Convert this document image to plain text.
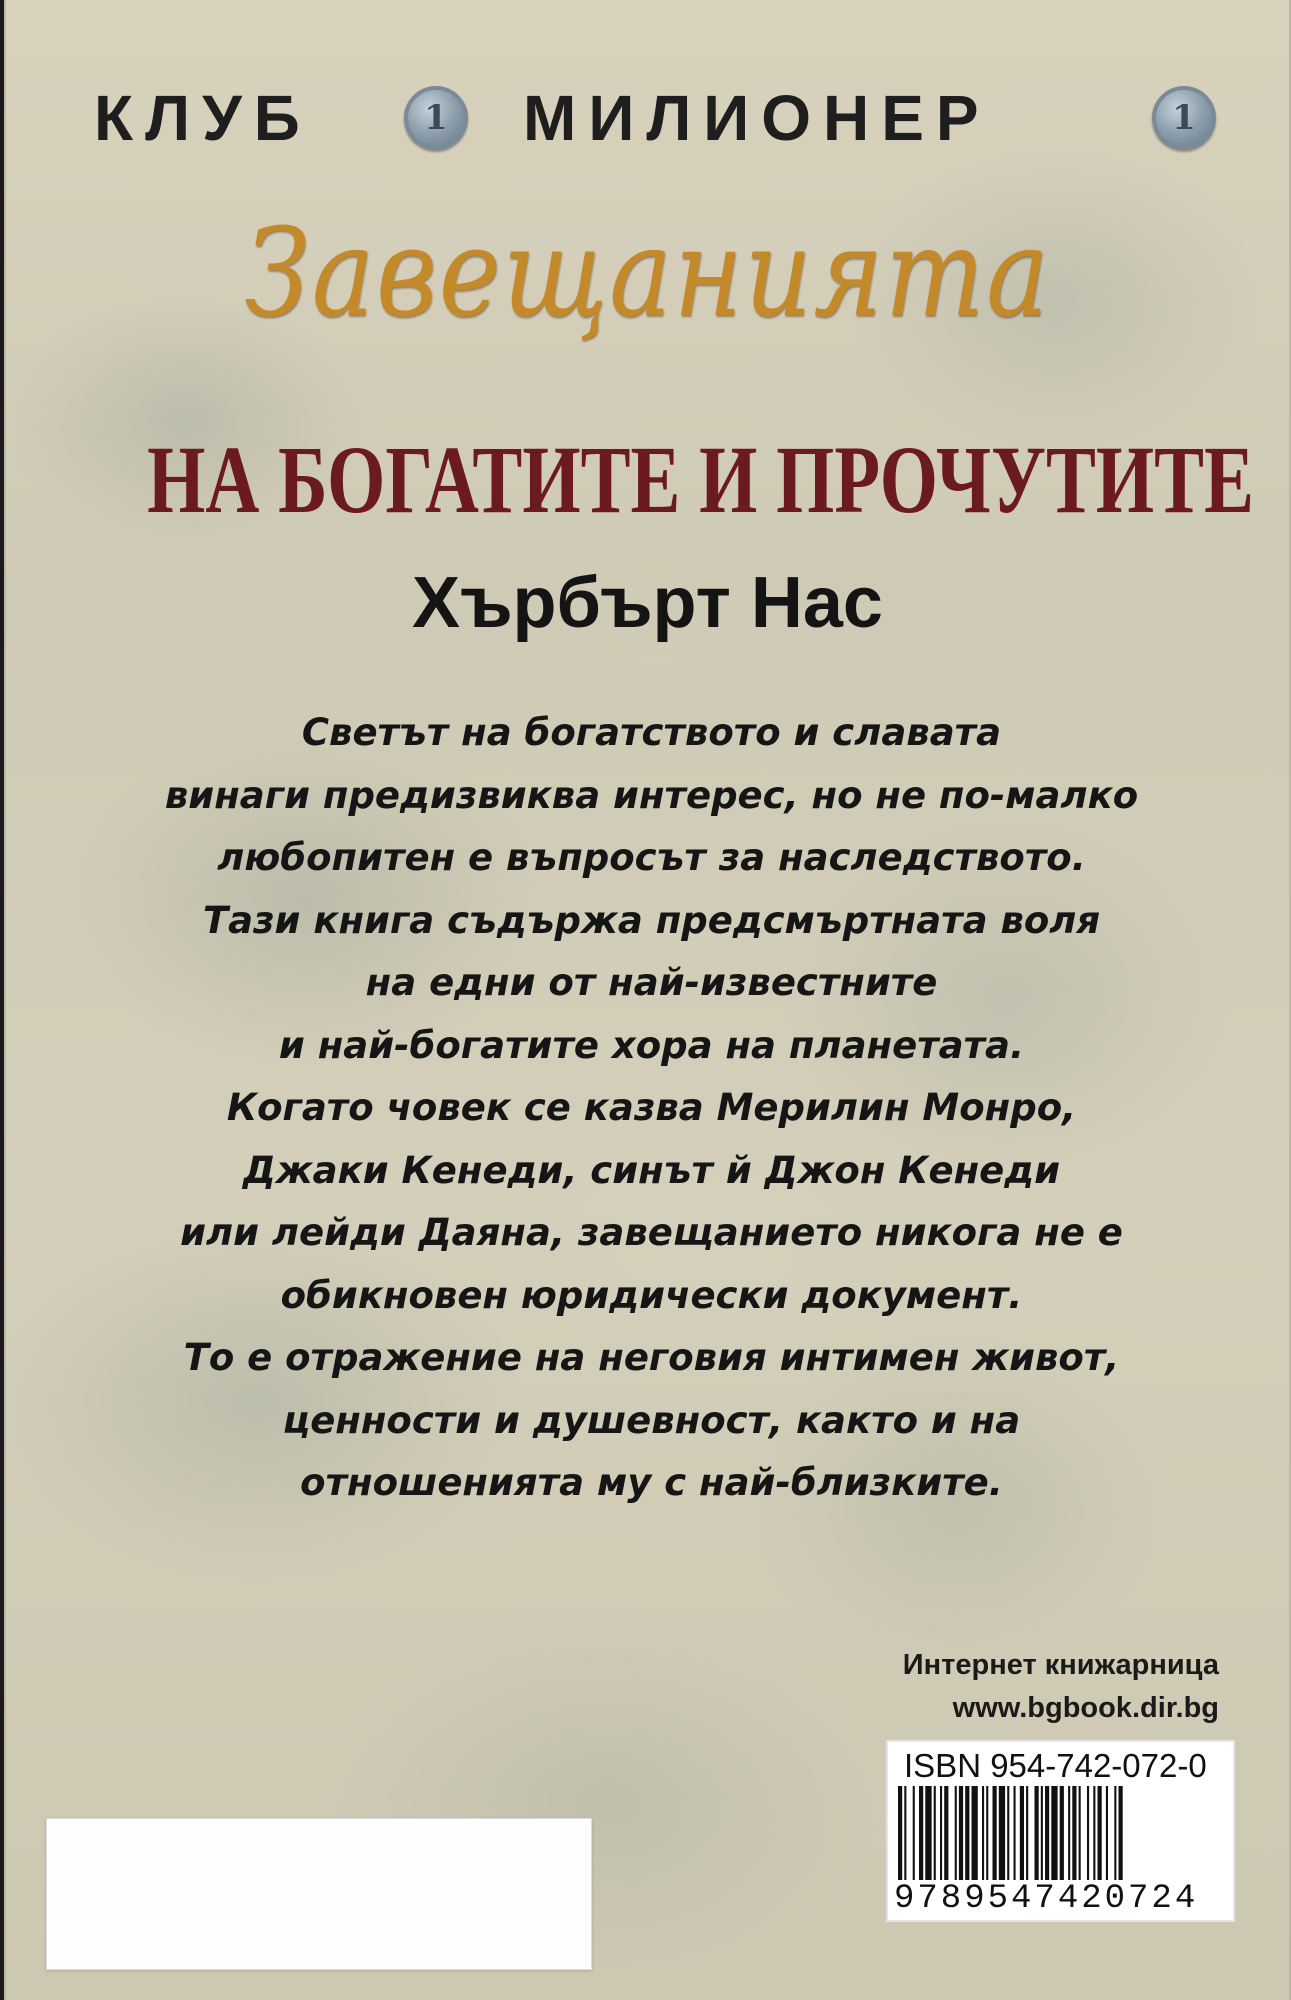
КЛУБ	1	МИЛИОНЕР	1
Завещанията
НА БОГАТИТЕ И ПРОЧУТИТЕ
Хърбърт Нас
Светът на богатството и славата
винаги предизвиква интерес, но не по-малко
любопитен е въпросът за наследството.
Тази книга съдържа предсмъртната воля
на едни от най-известните
и най-богатите хора на планетата.
Когато човек се казва Мерилин Монро,
Джаки Кенеди, синът й Джон Кенеди
или лейди Даяна, завещанието никога не е
обикновен юридически документ.
То е отражение на неговия интимен живот,
ценности и душевност, както и на
отношенията му с най-близките.
Интернет книжарница
www.bgbook.dir.bg
ISBN 954-742-072-0
9789547420724
